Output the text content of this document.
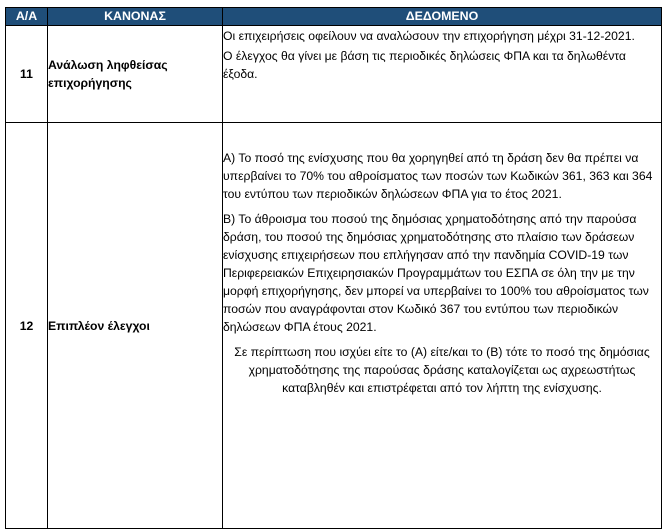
Α/Α	ΚΑΝΟΝΑΣ	ΔΕΔΟΜΕΝΟ
11	Ανάλωση ληφθείσας επιχορήγησης	Οι επιχειρήσεις οφείλουν να αναλώσουν την επιχορήγηση μέχρι 31-12-2021.

Ο έλεγχος θα γίνει με βάση τις περιοδικές δηλώσεις ΦΠΑ και τα δηλωθέντα έξοδα.

12	Επιπλέον έλεγχοι	Α) Το ποσό της ενίσχυσης που θα χορηγηθεί από τη δράση δεν θα πρέπει να υπερβαίνει το 70% του αθροίσματος των ποσών των Κωδικών 361, 363 και 364 του εντύπου των περιοδικών δηλώσεων ΦΠΑ για το έτος 2021.

Β) Το άθροισμα του ποσού της δημόσιας χρηματοδότησης από την παρούσα δράση, του ποσού της δημόσιας χρηματοδότησης στο πλαίσιο των δράσεων ενίσχυσης επιχειρήσεων που επλήγησαν από την πανδημία COVID-19 των Περιφερειακών Επιχειρησιακών Προγραμμάτων του ΕΣΠΑ σε όλη την με την μορφή επιχορήγησης, δεν μπορεί να υπερβαίνει το 100% του αθροίσματος των ποσών που αναγράφονται στον Κωδικό 367 του εντύπου των περιοδικών δηλώσεων ΦΠΑ έτους 2021.

Σε περίπτωση που ισχύει είτε το (Α) είτε/και το (Β) τότε το ποσό της δημόσιας χρηματοδότησης της παρούσας δράσης καταλογίζεται ως αχρεωστήτως καταβληθέν και επιστρέφεται από τον λήπτη της ενίσχυσης.
